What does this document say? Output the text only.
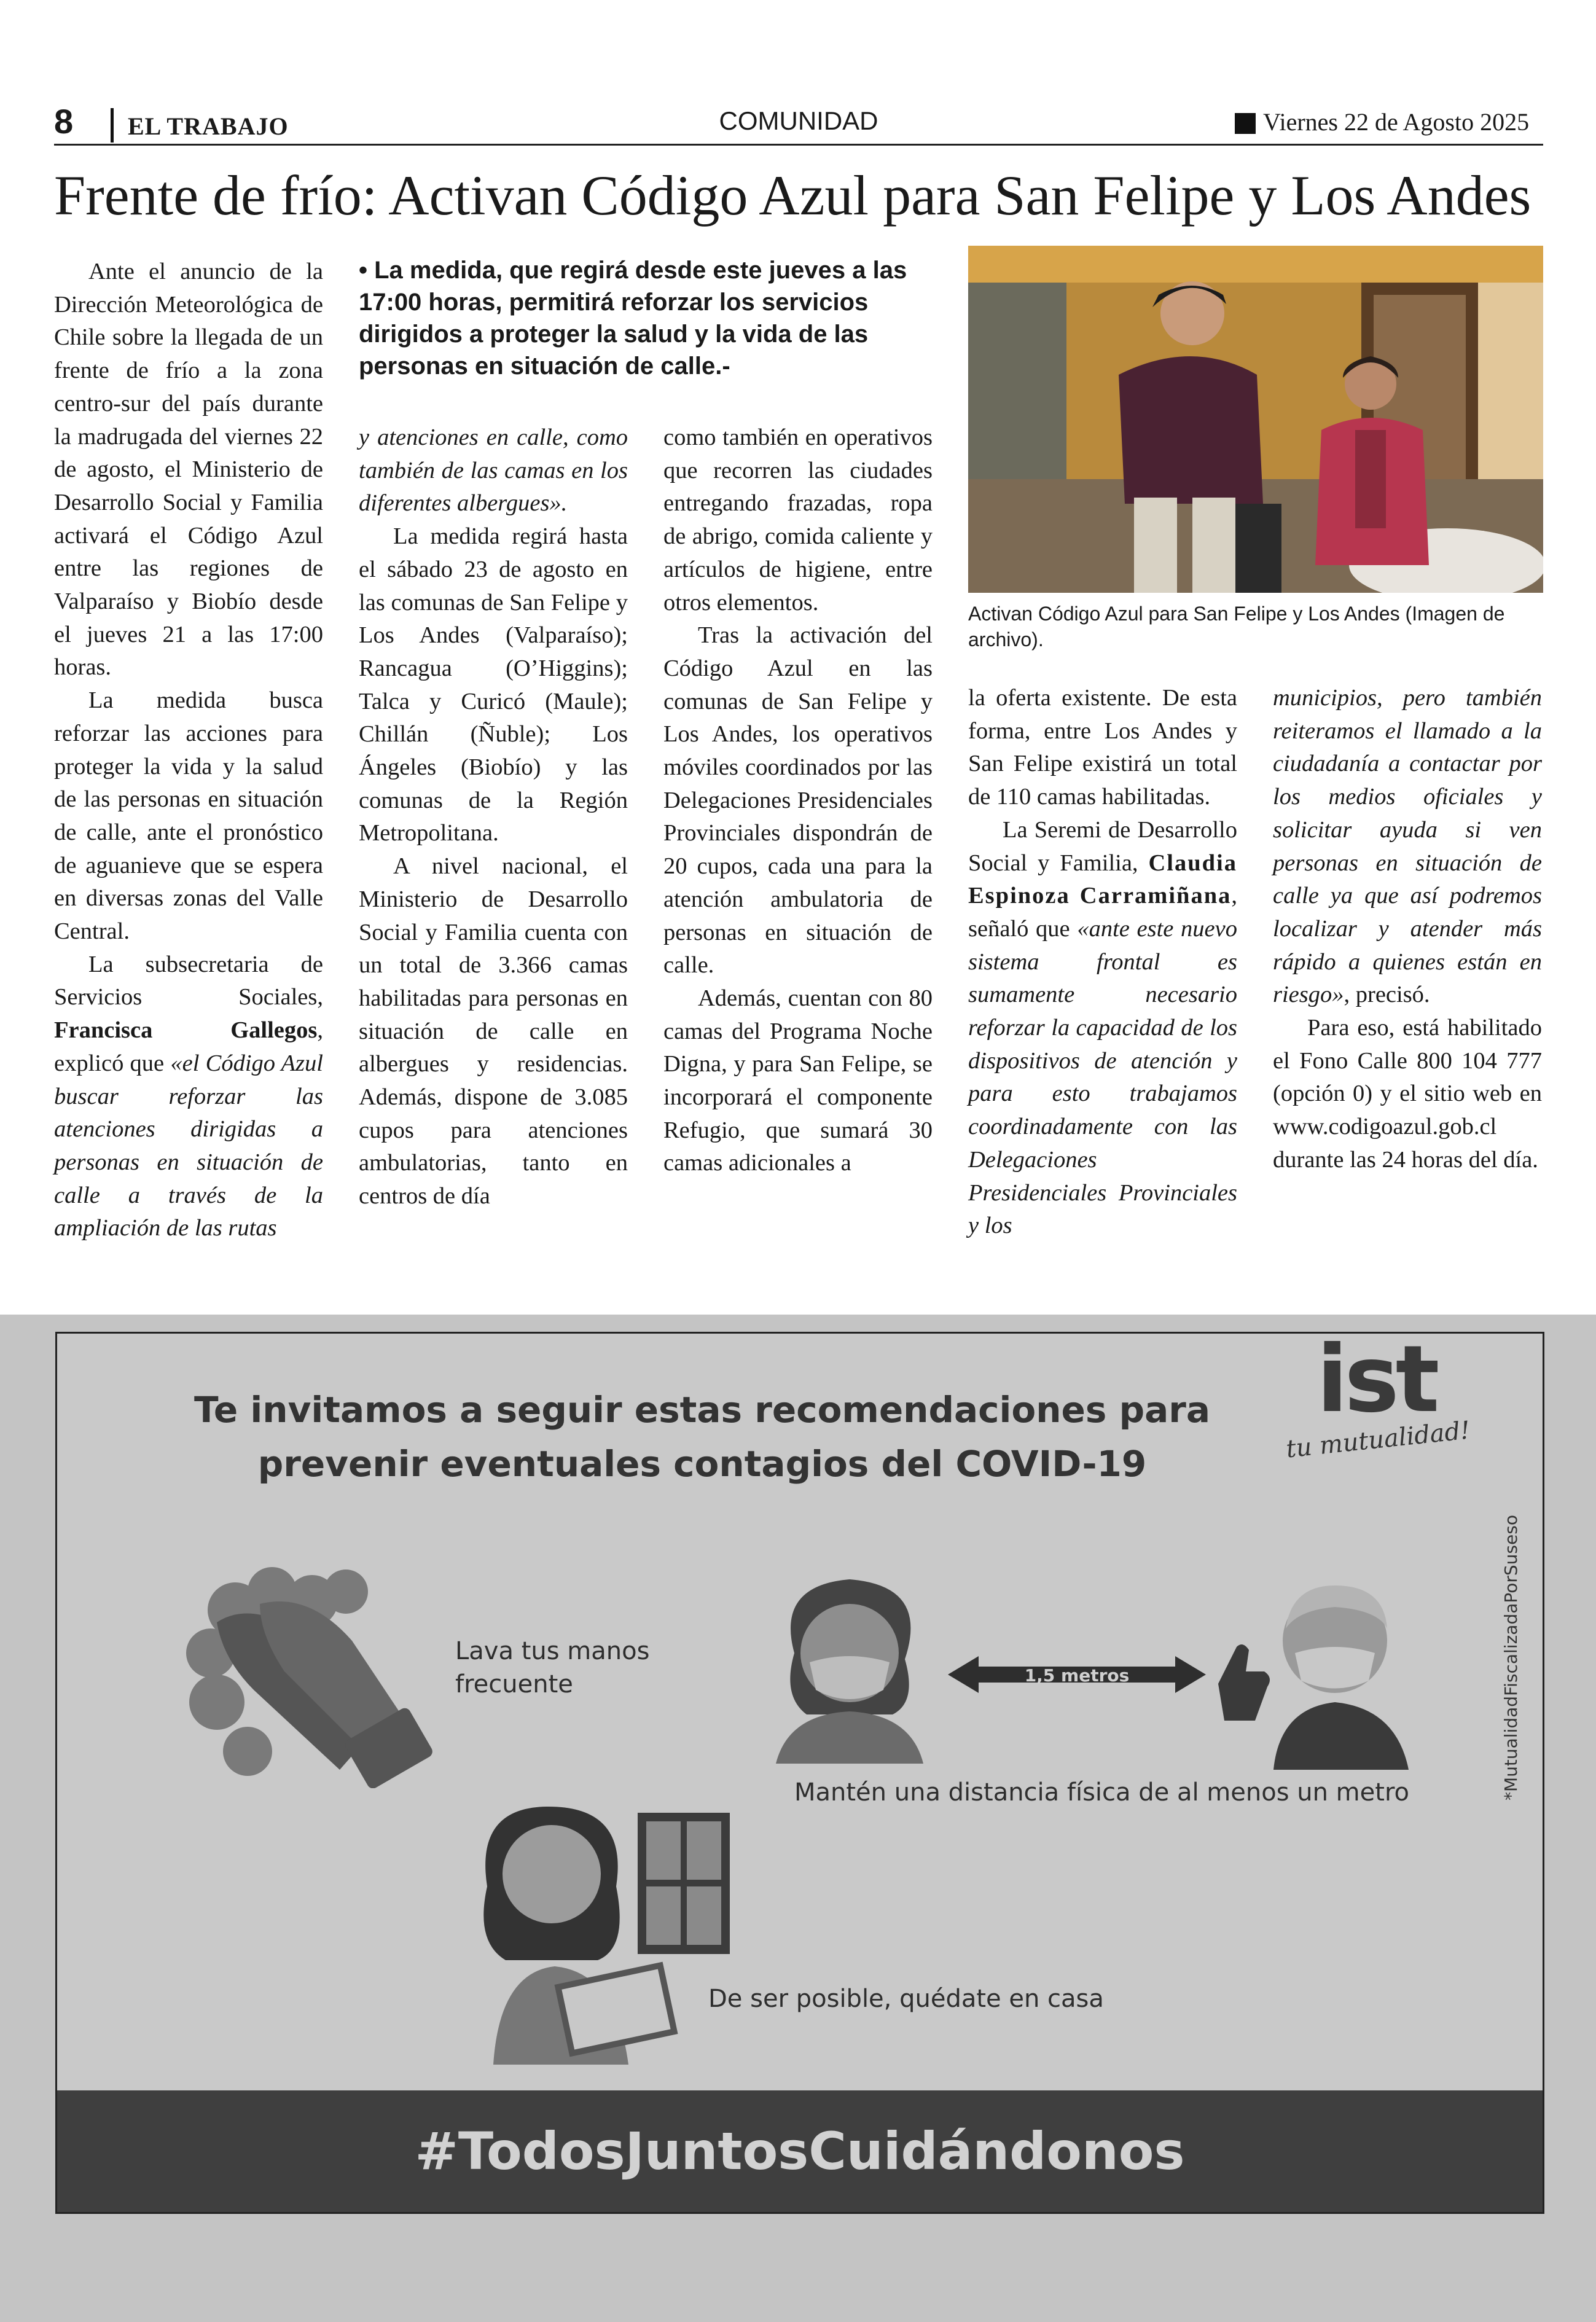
8 EL TRABAJO	COMUNIDAD	Viernes 22 de Agosto 2025
Frente de frío: Activan Código Azul para San Felipe y Los Andes

Ante el anuncio de la Dirección Meteorológica de Chile sobre la llegada de un frente de frío a la zona centro-sur del país durante la madrugada del viernes 22 de agosto, el Ministerio de Desarrollo Social y Familia activará el Código Azul entre las regiones de Valparaíso y Biobío desde el jueves 21 a las 17:00 horas.

La medida busca reforzar las acciones para proteger la vida y la salud de las personas en situación de calle, ante el pronóstico de aguanieve que se espera en diversas zonas del Valle Central.

La subsecretaria de Servicios Sociales, Francisca Gallegos, explicó que «el Código Azul buscar reforzar las atenciones dirigidas a personas en situación de calle a través de la ampliación de las rutas

• La medida, que regirá desde este jueves a las 17:00 horas, permitirá reforzar los servicios dirigidos a proteger la salud y la vida de las personas en situación de calle.-

y atenciones en calle, como también de las camas en los diferentes albergues».

La medida regirá hasta el sábado 23 de agosto en las comunas de San Felipe y Los Andes (Valparaíso); Rancagua (O’Higgins); Talca y Curicó (Maule); Chillán (Ñuble); Los Ángeles (Biobío) y las comunas de la Región Metropolitana.

A nivel nacional, el Ministerio de Desarrollo Social y Familia cuenta con un total de 3.366 camas habilitadas para personas en situación de calle en albergues y residencias. Además, dispone de 3.085 cupos para atenciones ambulatorias, tanto en centros de día

como también en operativos que recorren las ciudades entregando frazadas, ropa de abrigo, comida caliente y artículos de higiene, entre otros elementos.

Tras la activación del Código Azul en las comunas de San Felipe y Los Andes, los operativos móviles coordinados por las Delegaciones Presidenciales Provinciales dispondrán de 20 cupos, cada una para la atención ambulatoria de personas en situación de calle.

Además, cuentan con 80 camas del Programa Noche Digna, y para San Felipe, se incorporará el componente Refugio, que sumará 30 camas adicionales a

Activan Código Azul para San Felipe y Los Andes (Imagen de archivo).

la oferta existente. De esta forma, entre Los Andes y San Felipe existirá un total de 110 camas habilitadas.

La Seremi de Desarrollo Social y Familia, Claudia Espinoza Carramiñana, señaló que «ante este nuevo sistema frontal es sumamente necesario reforzar la capacidad de los dispositivos de atención y para esto trabajamos coordinadamente con las Delegaciones Presidenciales Provinciales y los

municipios, pero también reiteramos el llamado a la ciudadanía a contactar por los medios oficiales y solicitar ayuda si ven personas en situación de calle ya que así podremos localizar y atender más rápido a quienes están en riesgo», precisó.

Para eso, está habilitado el Fono Calle 800 104 777 (opción 0) y el sitio web en www.codigoazul.gob.cl durante las 24 horas del día.

Te invitamos a seguir estas recomendaciones para prevenir eventuales contagios del COVID-19
ist
tu mutualidad!
Lava tus manos frecuente	1,5 metros
Mantén una distancia física de al menos un metro
De ser posible, quédate en casa
*MutualidadFiscalizadaPorSuseso
#TodosJuntosCuidándonos
